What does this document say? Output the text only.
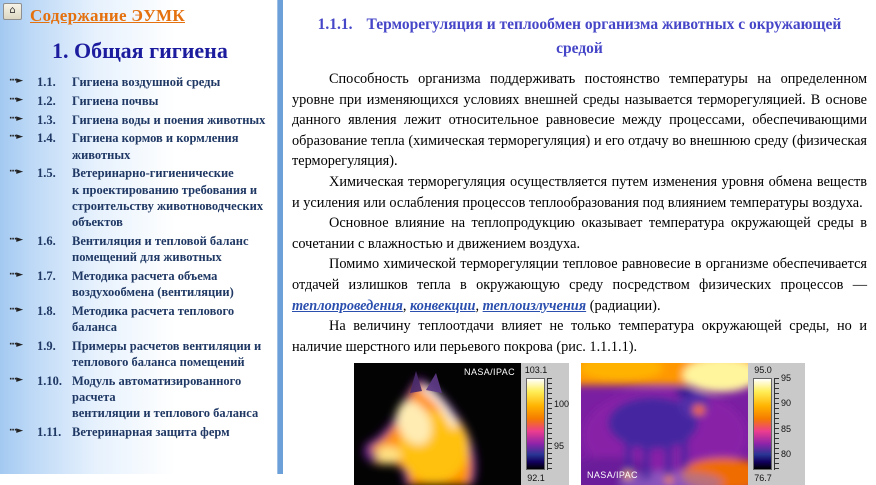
⌂ Содержание ЭУМК
1. Общая гигиена
···►	1.1.	Гигиена воздушной среды
···►	1.2.	Гигиена почвы
···►	1.3.	Гигиена воды и поения животных
···►	1.4.	Гигиена кормов и кормления животных
···►	1.5.	Ветеринарно-гигиенические
к проектированию требования и
строительству животноводческих
объектов
···►	1.6.	Вентиляция и тепловой баланс
помещений для животных
···►	1.7.	Методика расчета объема
воздухообмена (вентиляции)
···►	1.8.	Методика расчета теплового баланса
···►	1.9.	Примеры расчетов вентиляции и
теплового баланса помещений
···►	1.10. Модуль автоматизированного расчета
вентиляции и теплового баланса
···►	1.11. Ветеринарная защита ферм
1.1.1. Терморегуляция и теплообмен организма животных с окружающей
средой

Способность организма поддерживать постоянство температуры на определенном уровне при изменяющихся условиях внешней среды называется терморегуляцией. В основе данного явления лежит относительное равновесие между процессами, обеспечивающими образование тепла (химическая терморегуляция) и его отдачу во внешнюю среду (физическая терморегуляция).

Химическая терморегуляция осуществляется путем изменения уровня обмена веществ и усиления или ослабления процессов теплообразования под влиянием температуры воздуха.

Основное влияние на теплопродукцию оказывает температура окружающей среды в сочетании с влажностью и движением воздуха.

Помимо химической терморегуляции тепловое равновесие в организме обеспечивается отдачей излишков тепла в окружающую среду посредством физических процессов — теплопроведения, конвекции, теплоизлучения (радиации).

На величину теплоотдачи влияет не только температура окружающей среды, но и наличие шерстного или перьевого покрова (рис. 1.1.1.1).

NASA/IPAC	103.1
100
95
92.1	NASA/IPAC
95.0
95
90
85
80
76.7
